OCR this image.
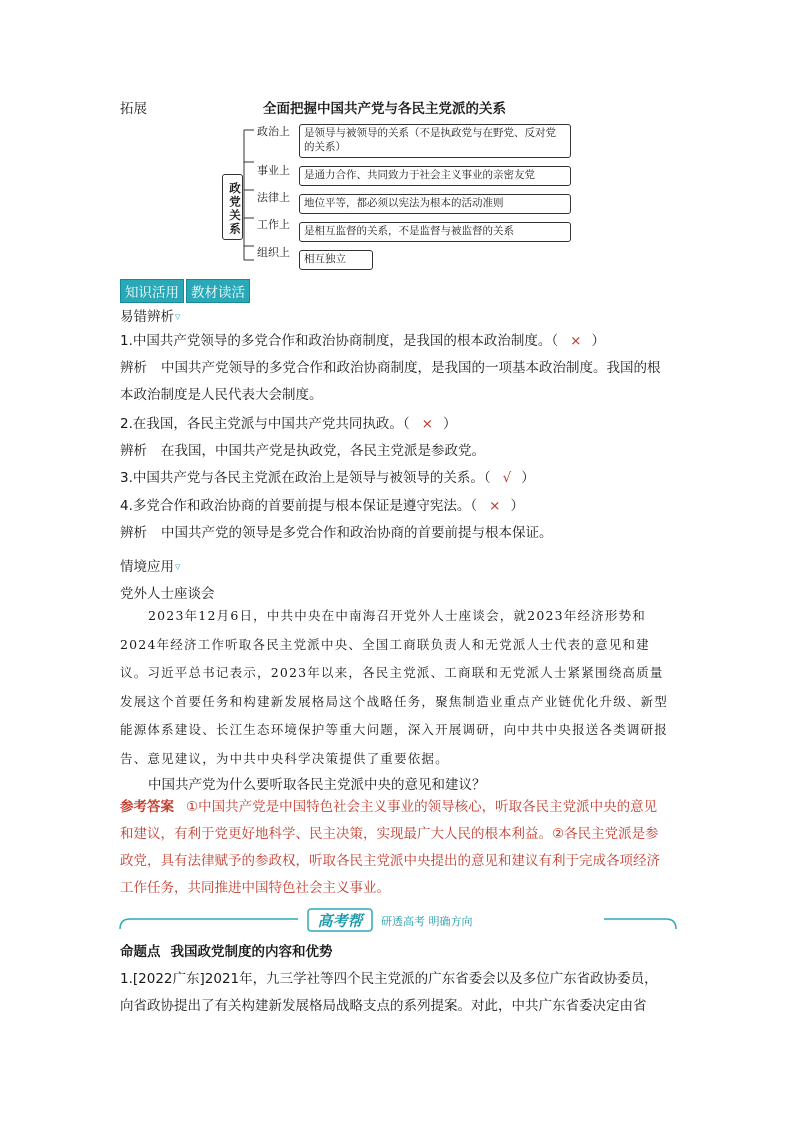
拓展	全面把握中国共产党与各民主党派的关系
政党关系
政治上	是领导与被领导的关系（不是执政党与在野党、反对党的关系）
事业上	是通力合作、共同致力于社会主义事业的亲密友党
法律上	地位平等，都必须以宪法为根本的活动准则
工作上	是相互监督的关系，不是监督与被监督的关系
组织上	相互独立
知识活用 教材读活
易错辨析▽
1.中国共产党领导的多党合作和政治协商制度，是我国的根本政治制度。（ × ）
辨析 中国共产党领导的多党合作和政治协商制度，是我国的一项基本政治制度。我国的根本政治制度是人民代表大会制度。
2.在我国，各民主党派与中国共产党共同执政。（ × ）
辨析 在我国，中国共产党是执政党，各民主党派是参政党。
3.中国共产党与各民主党派在政治上是领导与被领导的关系。（ √ ）
4.多党合作和政治协商的首要前提与根本保证是遵守宪法。（ × ）
辨析 中国共产党的领导是多党合作和政治协商的首要前提与根本保证。
情境应用▽
党外人士座谈会
2023年12月6日，中共中央在中南海召开党外人士座谈会，就2023年经济形势和2024年经济工作听取各民主党派中央、全国工商联负责人和无党派人士代表的意见和建议。习近平总书记表示，2023年以来，各民主党派、工商联和无党派人士紧紧围绕高质量发展这个首要任务和构建新发展格局这个战略任务，聚焦制造业重点产业链优化升级、新型能源体系建设、长江生态环境保护等重大问题，深入开展调研，向中共中央报送各类调研报告、意见建议，为中共中央科学决策提供了重要依据。
中国共产党为什么要听取各民主党派中央的意见和建议？
参考答案 ①中国共产党是中国特色社会主义事业的领导核心，听取各民主党派中央的意见和建议，有利于党更好地科学、民主决策，实现最广大人民的根本利益。②各民主党派是参政党，具有法律赋予的参政权，听取各民主党派中央提出的意见和建议有利于完成各项经济工作任务，共同推进中国特色社会主义事业。
高考帮	研透高考 明确方向
命题点 我国政党制度的内容和优势
1.[2022广东]2021年，九三学社等四个民主党派的广东省委会以及多位广东省政协委员，向省政协提出了有关构建新发展格局战略支点的系列提案。对此，中共广东省委决定由省
